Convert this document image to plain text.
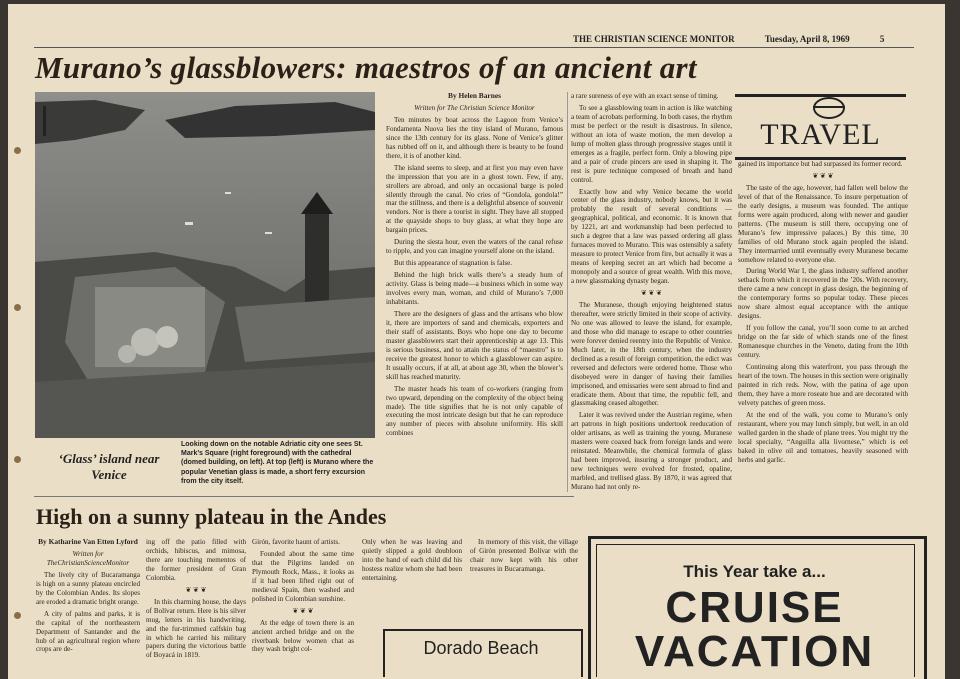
THE CHRISTIAN SCIENCE MONITOR	Tuesday, April 8, 1969	5
Murano’s glassblowers: maestros of an ancient art
‘Glass’ island near Venice
Looking down on the notable Adriatic city one sees St. Mark’s Square (right foreground) with the cathedral (domed building, on left). At top (left) is Murano where the popular Venetian glass is made, a short ferry excursion from the city itself.

By Helen Barnes

Written for The Christian Science Monitor

Ten minutes by boat across the Lagoon from Venice’s Fondamenta Nuova lies the tiny island of Murano, famous since the 13th century for its glass. None of Venice’s glitter has rubbed off on it, and although there is beauty to be found there, it is of another kind.

The island seems to sleep, and at first you may even have the impression that you are in a ghost town. Few, if any, strollers are abroad, and only an occasional barge is poled silently through the canal. No cries of “Gondola, gondola!” mar the stillness, and there is a delightful absence of souvenir vendors. Nor is there a tourist in sight. They have all stopped at the quayside shops to buy glass, at what they hope are bargain prices.

During the siesta hour, even the waters of the canal refuse to ripple, and you can imagine yourself alone on the island.

But this appearance of stagnation is false.

Behind the high brick walls there’s a steady hum of activity. Glass is being made—a business which in some way involves every man, woman, and child of Murano’s 7,000 inhabitants.

There are the designers of glass and the artisans who blow it, there are importers of sand and chemicals, exporters and their staff of assistants. Boys who hope one day to become master glassblowers start their apprenticeship at age 13. This is serious business, and to attain the status of “maestro” is to receive the greatest honor to which a glassblower can aspire. It usually occurs, if at all, at about age 30, when the blower’s skill has reached maturity.

The master heads his team of co-workers (ranging from two upward, depending on the complexity of the object being made). The title signifies that he is not only capable of executing the most intricate design but that he can reproduce any number of pieces with absolute uniformity. His skill combines

a rare sureness of eye with an exact sense of timing.

To see a glassblowing team in action is like watching a team of acrobats performing. In both cases, the rhythm must be perfect or the result is disastrous. In silence, without an iota of waste motion, the men develop a lump of molten glass through progressive stages until it emerges as a fragile, perfect form. Only a blowing pipe and a pair of crude pincers are used in shaping it. The rest is pure technique composed of breath and hand control.

Exactly how and why Venice became the world center of the glass industry, nobody knows, but it was probably the result of several conditions — geographical, political, and economic. It is known that by 1221, art and workmanship had been perfected to such a degree that a law was passed ordering all glass furnaces moved to Murano. This was ostensibly a safety measure to protect Venice from fire, but actually it was a means of keeping secret an art which had become a monopoly and a source of great wealth. With this move, a new glassmaking dynasty began.

❦ ❦ ❦

The Muranese, though enjoying heightened status thereafter, were strictly limited in their scope of activity. No one was allowed to leave the island, for example, and those who did manage to escape to other countries were forever denied reentry into the Republic of Venice. Much later, in the 18th century, when the industry declined as a result of foreign competition, the edict was reversed and defectors were ordered home. Those who disobeyed were in danger of having their families imprisoned, and emissaries were sent abroad to find and eradicate them. About that time, the republic fell, and glassmaking ceased altogether.

Later it was revived under the Austrian regime, when art patrons in high positions undertook reeducation of older artisans, as well as training the young. Muranese masters were coaxed back from foreign lands and were reinstated. Meanwhile, the chemical formula of glass had been improved, insuring a stronger product, and new techniques were evolved for frosted, opaline, marbled, and trellised glass. By 1870, it was agreed that Murano had not only re-

TRAVEL

gained its importance but had surpassed its former record.

❦ ❦ ❦

The taste of the age, however, had fallen well below the level of that of the Renaissance. To insure perpetuation of the early designs, a museum was founded. The antique forms were again produced, along with newer and gaudier patterns. (The museum is still there, occupying one of Murano’s few impressive palaces.) By this time, 30 families of old Murano stock again peopled the island. They intermarried until eventually every Muranese became somehow related to everyone else.

During World War I, the glass industry suffered another setback from which it recovered in the ’20s. With recovery, there came a new concept in glass design, the beginning of the contemporary forms so popular today. These pieces now share almost equal acceptance with the antique designs.

If you follow the canal, you’ll soon come to an arched bridge on the far side of which stands one of the finest Romanesque churches in the Veneto, dating from the 10th century.

Continuing along this waterfront, you pass through the heart of the town. The houses in this section were originally painted in rich reds. Now, with the patina of age upon them, they have a more roseate hue and are decorated with velvety patches of green moss.

At the end of the walk, you come to Murano’s only restaurant, where you may lunch simply, but well, in an old walled garden in the shade of plane trees. You might try the local specialty, “Anguilla alla livornese,” which is eel baked in olive oil and tomatoes, heavily seasoned with herbs and garlic.

High on a sunny plateau in the Andes

By Katharine Van Etten Lyford

Written for TheChristianScienceMonitor

The lively city of Bucaramanga is high on a sunny plateau encircled by the Colombian Andes. Its slopes are eroded a dramatic bright orange.

A city of palms and parks, it is the capital of the northeastern Department of Santander and the hub of an agricultural region where crops are de-

ing off the patio filled with orchids, hibiscus, and mimosa, there are touching mementos of the former president of Gran Colombia.

❦ ❦ ❦

In this charming house, the days of Bolívar return. Here is his silver mug, letters in his handwriting, and the fur-trimmed calfskin bag in which he carried his military papers during the victorious battle of Boyacá in 1819.

Girón, favorite haunt of artists.

Founded about the same time that the Pilgrims landed on Plymouth Rock, Mass., it looks as if it had been lifted right out of medieval Spain, then washed and polished in Colombian sunshine.

❦ ❦ ❦

At the edge of town there is an ancient arched bridge and on the riverbank below women chat as they wash bright col-

Only when he was leaving and quietly slipped a gold doubloon into the hand of each child did his hostess realize whom she had been entertaining.

In memory of this visit, the village of Girón presented Bolívar with the chair now kept with his other treasures in Bucaramanga.

Dorado Beach
This Year take a...
CRUISE
VACATION
